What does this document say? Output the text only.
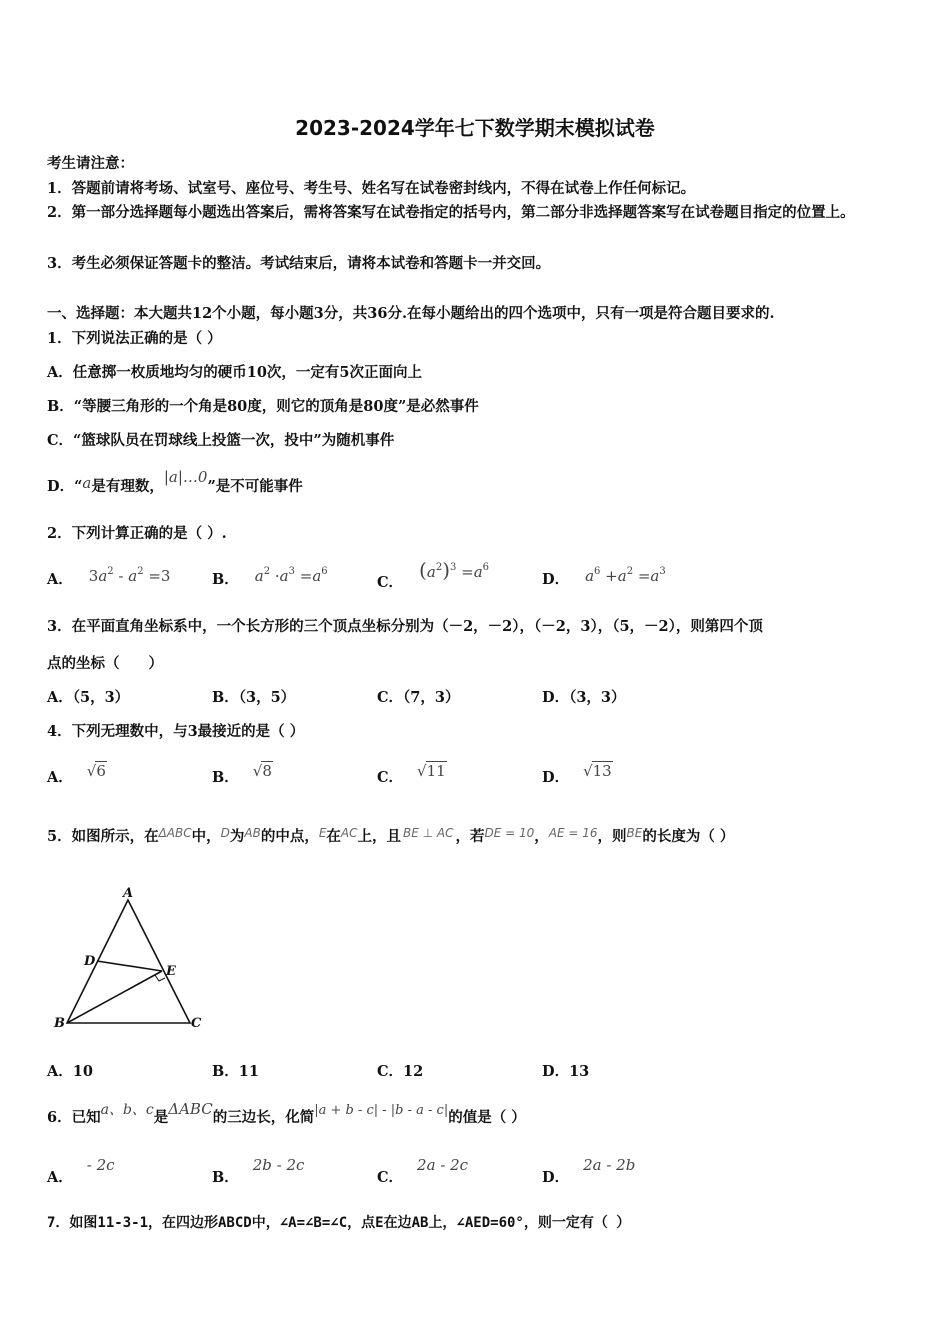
2023-2024学年七下数学期末模拟试卷
考生请注意：
1．答题前请将考场、试室号、座位号、考生号、姓名写在试卷密封线内，不得在试卷上作任何标记。
2．第一部分选择题每小题选出答案后，需将答案写在试卷指定的括号内，第二部分非选择题答案写在试卷题目指定的位置上。
3．考生必须保证答题卡的整洁。考试结束后，请将本试卷和答题卡一并交回。
一、选择题：本大题共12个小题，每小题3分，共36分.在每小题给出的四个选项中，只有一项是符合题目要求的.
1．下列说法正确的是（ ）
A．任意掷一枚质地均匀的硬币10次，一定有5次正面向上
B．“等腰三角形的一个角是80度，则它的顶角是80度”是必然事件
C．“篮球队员在罚球线上投篮一次，投中”为随机事件
D．“a是有理数，|a|…0”是不可能事件
2．下列计算正确的是（ ）.
A． $3a^2 - a^2 =3$	B． $a^2 \cdot a^3 =a^6$
C．$(a^2)^3 =a^6$
D． $a^6 +a^2 =a^3$
3．在平面直角坐标系中，一个长方形的三个顶点坐标分别为（－2，－2），（－2，3），（5，－2），则第四个顶
点的坐标（　　）
A．（5，3）	B．（3，5）	C．（7，3）	D．（3，3）
4．下列无理数中，与3最接近的是（ ）
A． √6	B． √8	C． √11	D． √13
5．如图所示，在$^{\Delta ABC}$中，$^D$为$^{AB}$的中点，$^E$在$^{AC}$上，且 $^{BE \perp AC}$ ，若$^{DE = 10}$，$^{AE = 16}$，则$^{BE}$的长度为（ ）
A
D
E
B	C
A．10	B．11	C．12	D．13
6．已知a、b、c是ΔABC的三边长，化简|a + b - c| - |b - a - c|的值是（ ）
A．- 2c
B．2b - 2c
C．2a - 2c
D．2a - 2b
7．如图11-3-1，在四边形ABCD中，∠A=∠B=∠C，点E在边AB上，∠AED=60°，则一定有（ ）
